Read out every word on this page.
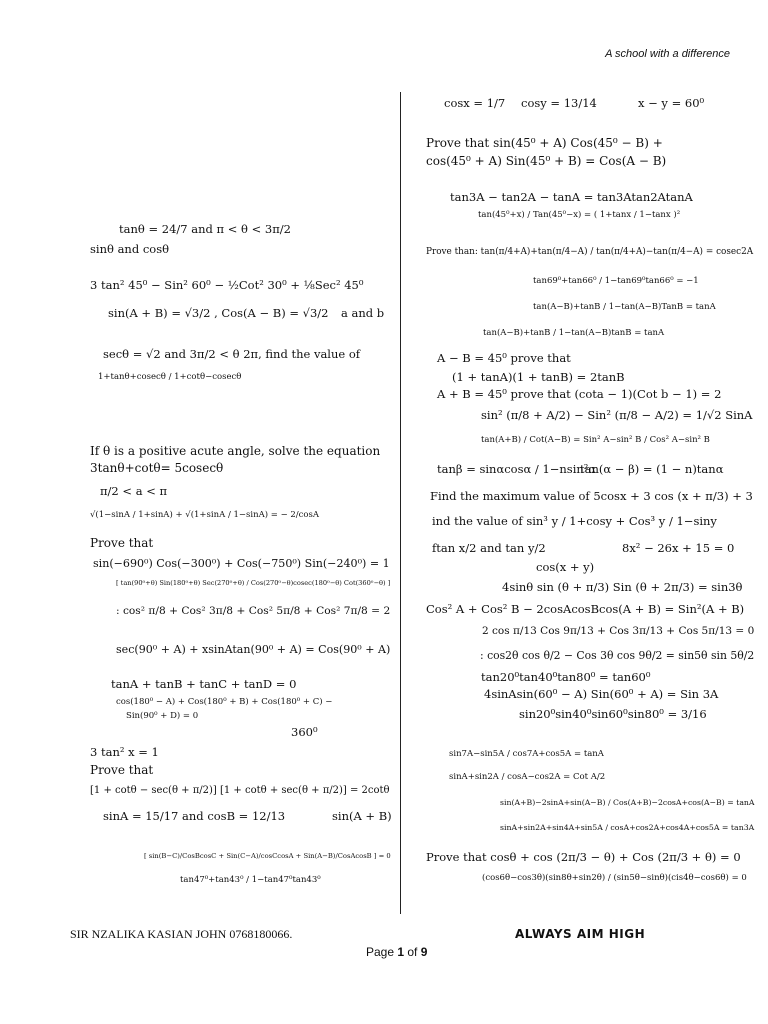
A school with a difference
tanθ = 24/7 and π < θ < 3π/2
sinθ and cosθ
3 tan² 45⁰ − Sin² 60⁰ − ½Cot² 30⁰ + ⅛Sec² 45⁰
sin(A + B) = √3/2 , Cos(A − B) = √3/2 a and b
secθ = √2 and 3π/2 < θ 2π, find the value of
1+tanθ+cosecθ / 1+cotθ−cosecθ
If θ is a positive acute angle, solve the equation
3tanθ+cotθ= 5cosecθ
π/2 < a < π
√(1−sinA / 1+sinA) + √(1+sinA / 1−sinA) = − 2/cosA
Prove that
sin(−690⁰) Cos(−300⁰) + Cos(−750⁰) Sin(−240⁰) = 1
[ tan(90⁰+θ) Sin(180⁰+θ) Sec(270⁰+θ) / Cos(270⁰−θ)cosec(180⁰−θ) Cot(360⁰−θ) ]
: cos² π/8 + Cos² 3π/8 + Cos² 5π/8 + Cos² 7π/8 = 2
sec(90⁰ + A) + xsinAtan(90⁰ + A) = Cos(90⁰ + A)
tanA + tanB + tanC + tanD = 0
cos(180⁰ − A) + Cos(180⁰ + B) + Cos(180⁰ + C) −
Sin(90⁰ + D) = 0
360⁰
3 tan² x = 1
Prove that
[1 + cotθ − sec(θ + π/2)] [1 + cotθ + sec(θ + π/2)] = 2cotθ
sinA = 15/17 and cosB = 12/13	sin(A + B)
[ sin(B−C)/CosBcosC + Sin(C−A)/cosCcosA + Sin(A−B)/CosAcosB ] = 0
tan47⁰+tan43⁰ / 1−tan47⁰tan43⁰
cosx = 1/7 cosy = 13/14	x − y = 60⁰
Prove that sin(45⁰ + A) Cos(45⁰ − B) +
cos(45⁰ + A) Sin(45⁰ + B) = Cos(A − B)
tan3A − tan2A − tanA = tan3Atan2AtanA
tan(45⁰+x) / Tan(45⁰−x) = ( 1+tanx / 1−tanx )²
Prove than: tan(π/4+A)+tan(π/4−A) / tan(π/4+A)−tan(π/4−A) = cosec2A
tan69⁰+tan66⁰ / 1−tan69⁰tan66⁰ = −1
tan(A−B)+tanB / 1−tan(A−B)TanB = tanA
tan(A−B)+tanB / 1−tan(A−B)tanB = tanA
A − B = 45⁰ prove that
(1 + tanA)(1 + tanB) = 2tanB
A + B = 45⁰ prove that (cota − 1)(Cot b − 1) = 2
sin² (π/8 + A/2) − Sin² (π/8 − A/2) = 1/√2 SinA
tan(A+B) / Cot(A−B) = Sin² A−sin² B / Cos² A−sin² B
tanβ = sinαcosα / 1−nsin²α
tan(α − β) = (1 − n)tanα
Find the maximum value of 5cosx + 3 cos (x + π/3) + 3
ind the value of sin³ y / 1+cosy + Cos³ y / 1−siny
ftan x/2 and tan y/2	8x² − 26x + 15 = 0
cos(x + y)
4sinθ sin (θ + π/3) Sin (θ + 2π/3) = sin3θ
Cos² A + Cos² B − 2cosAcosBcos(A + B) = Sin²(A + B)
2 cos π/13 Cos 9π/13 + Cos 3π/13 + Cos 5π/13 = 0
: cos2θ cos θ/2 − Cos 3θ cos 9θ/2 = sin5θ sin 5θ/2
tan20⁰tan40⁰tan80⁰ = tan60⁰
4sinAsin(60⁰ − A) Sin(60⁰ + A) = Sin 3A
sin20⁰sin40⁰sin60⁰sin80⁰ = 3/16
sin7A−sin5A / cos7A+cos5A = tanA
sinA+sin2A / cosA−cos2A = Cot A/2
sin(A+B)−2sinA+sin(A−B) / Cos(A+B)−2cosA+cos(A−B) = tanA
sinA+sin2A+sin4A+sin5A / cosA+cos2A+cos4A+cos5A = tan3A
Prove that cosθ + cos (2π/3 − θ) + Cos (2π/3 + θ) = 0
(cos6θ−cos3θ)(sin8θ+sin2θ) / (sin5θ−sinθ)(cis4θ−cos6θ) = 0
SIR NZALIKA KASIAN JOHN 0768180066.	ALWAYS AIM HIGH
Page 1 of 9
